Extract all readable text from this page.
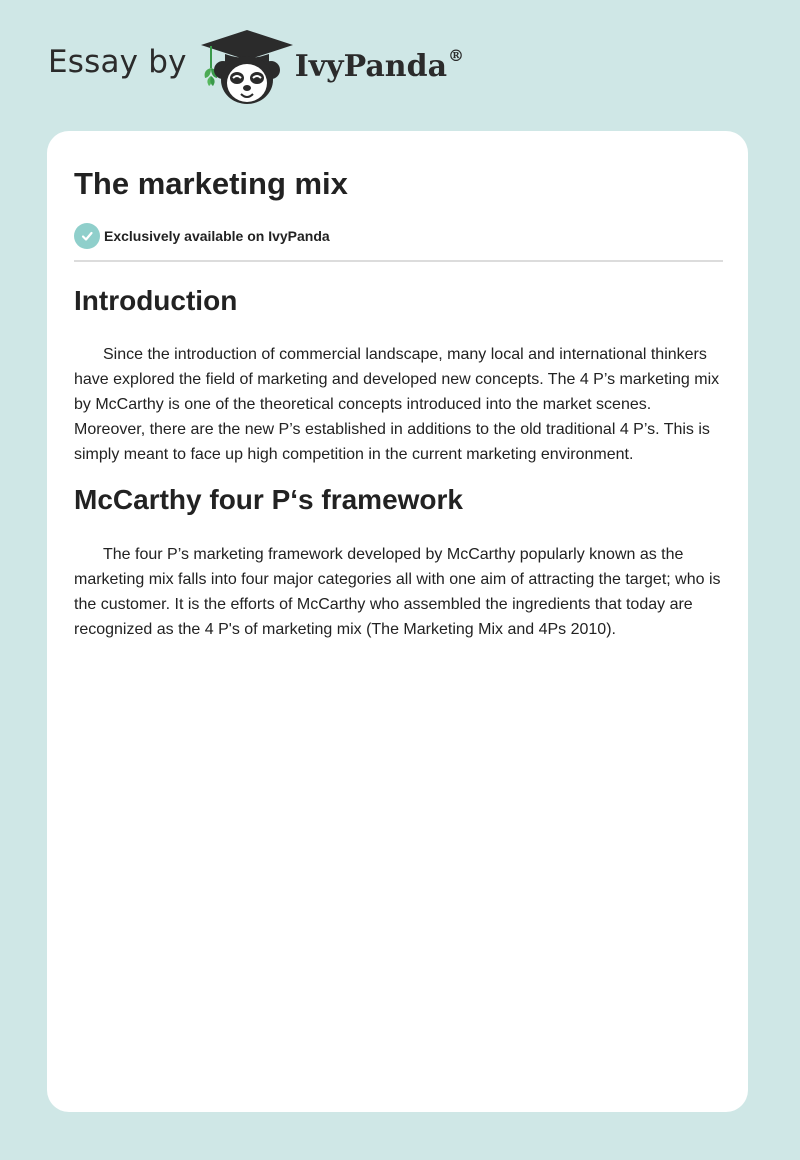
Essay by	IvyPanda®
The marketing mix
Exclusively available on IvyPanda
Introduction

Since the introduction of commercial landscape, many local and international thinkers have explored the field of marketing and developed new concepts. The 4 P’s marketing mix by McCarthy is one of the theoretical concepts introduced into the market scenes. Moreover, there are the new P’s established in additions to the old traditional 4 P’s. This is simply meant to face up high competition in the current marketing environment.

McCarthy four P‘s framework

The four P’s marketing framework developed by McCarthy popularly known as the marketing mix falls into four major categories all with one aim of attracting the target; who is the customer. It is the efforts of McCarthy who assembled the ingredients that today are recognized as the 4 P's of marketing mix (The Marketing Mix and 4Ps 2010).
